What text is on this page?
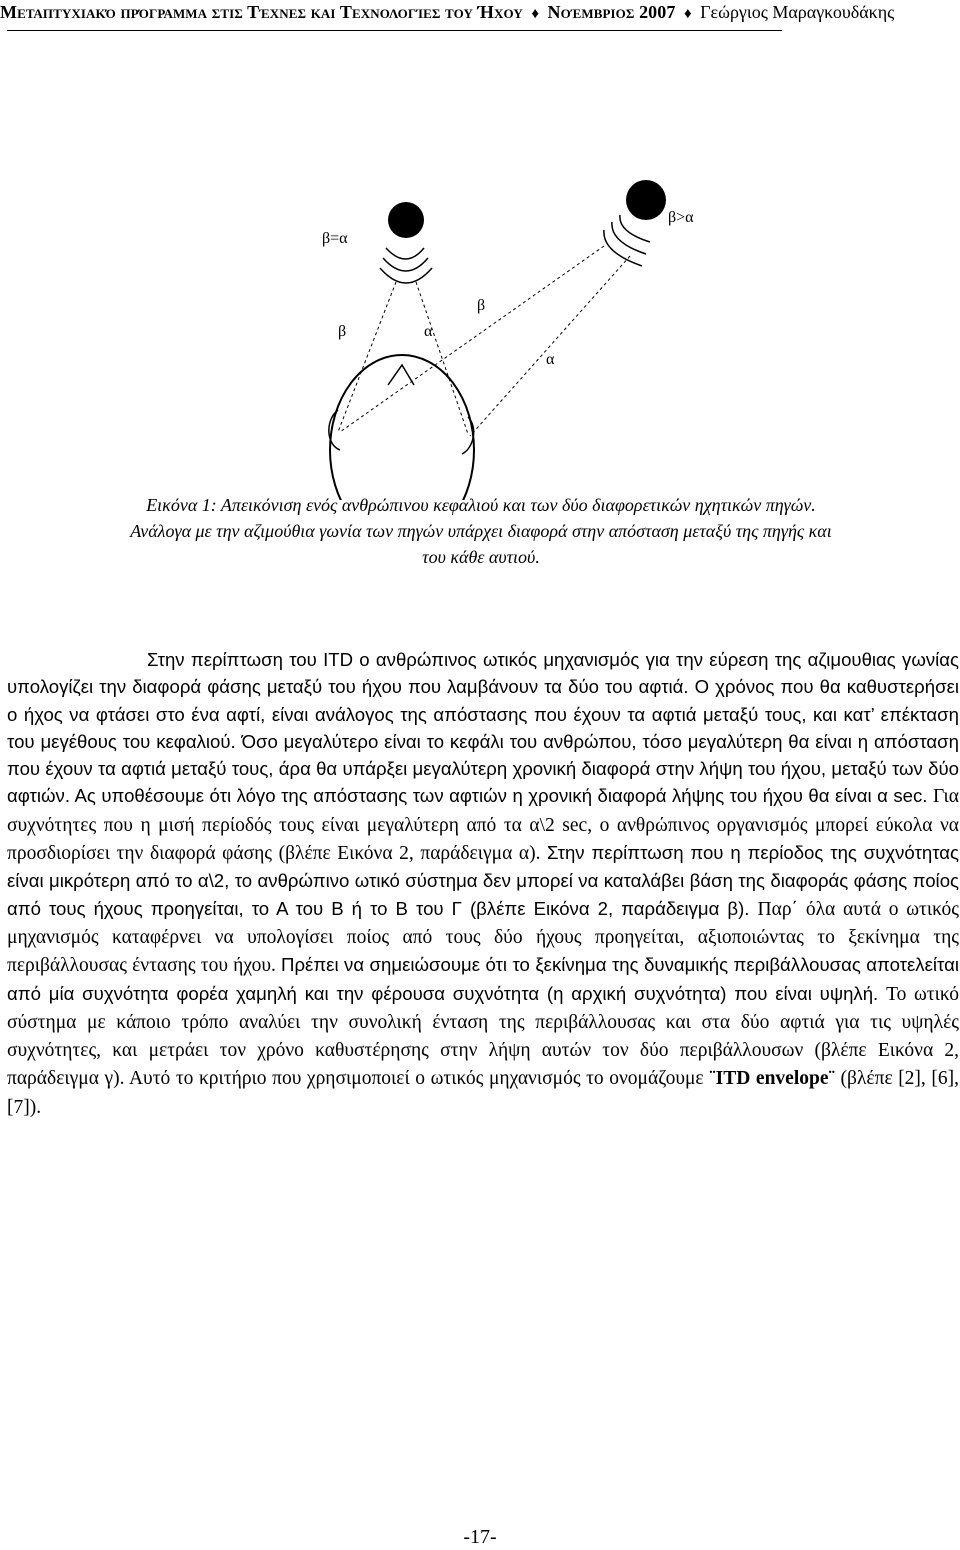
Μεταπτυχιακό πρόγραμμα στις Τέχνες και Τεχνολογίες του Ήχου ♦ Νοέμβριος 2007 ♦ Γεώργιος Μαραγκουδάκης
β=α
β>α
β	α
β
α
Εικόνα 1: Απεικόνιση ενός ανθρώπινου κεφαλιού και των δύο διαφορετικών ηχητικών πηγών. Ανάλογα με την αζιμούθια γωνία των πηγών υπάρχει διαφορά στην απόσταση μεταξύ της πηγής και του κάθε αυτιού.
Στην περίπτωση του ITD ο ανθρώπινος ωτικός μηχανισμός για την εύρεση της αζιμουθιας γωνίας υπολογίζει την διαφορά φάσης μεταξύ του ήχου που λαμβάνουν τα δύο του αφτιά. Ο χρόνος που θα καθυστερήσει ο ήχος να φτάσει στο ένα αφτί, είναι ανάλογος της απόστασης που έχουν τα αφτιά μεταξύ τους, και κατ’ επέκταση του μεγέθους του κεφαλιού. Όσο μεγαλύτερο είναι το κεφάλι του ανθρώπου, τόσο μεγαλύτερη θα είναι η απόσταση που έχουν τα αφτιά μεταξύ τους, άρα θα υπάρξει μεγαλύτερη χρονική διαφορά στην λήψη του ήχου, μεταξύ των δύο αφτιών. Ας υποθέσουμε ότι λόγο της απόστασης των αφτιών η χρονική διαφορά λήψης του ήχου θα είναι α sec. Για συχνότητες που η μισή περίοδός τους είναι μεγαλύτερη από τα α\2 sec, ο ανθρώπινος οργανισμός μπορεί εύκολα να προσδιορίσει την διαφορά φάσης (βλέπε Εικόνα 2, παράδειγμα α). Στην περίπτωση που η περίοδος της συχνότητας είναι μικρότερη από το α\2, το ανθρώπινο ωτικό σύστημα δεν μπορεί να καταλάβει βάση της διαφοράς φάσης ποίος από τους ήχους προηγείται, το Α του Β ή το Β του Γ (βλέπε Εικόνα 2, παράδειγμα β). Παρ΄ όλα αυτά ο ωτικός μηχανισμός καταφέρνει να υπολογίσει ποίος από τους δύο ήχους προηγείται, αξιοποιώντας το ξεκίνημα της περιβάλλουσας έντασης του ήχου. Πρέπει να σημειώσουμε ότι το ξεκίνημα της δυναμικής περιβάλλουσας αποτελείται από μία συχνότητα φορέα χαμηλή και την φέρουσα συχνότητα (η αρχική συχνότητα) που είναι υψηλή. Το ωτικό σύστημα με κάποιο τρόπο αναλύει την συνολική ένταση της περιβάλλουσας και στα δύο αφτιά για τις υψηλές συχνότητες, και μετράει τον χρόνο καθυστέρησης στην λήψη αυτών τον δύο περιβάλλουσων (βλέπε Εικόνα 2, παράδειγμα γ). Αυτό το κριτήριο που χρησιμοποιεί ο ωτικός μηχανισμός το ονομάζουμε ¨ITD envelope¨ (βλέπε [2], [6], [7]).
-17-
